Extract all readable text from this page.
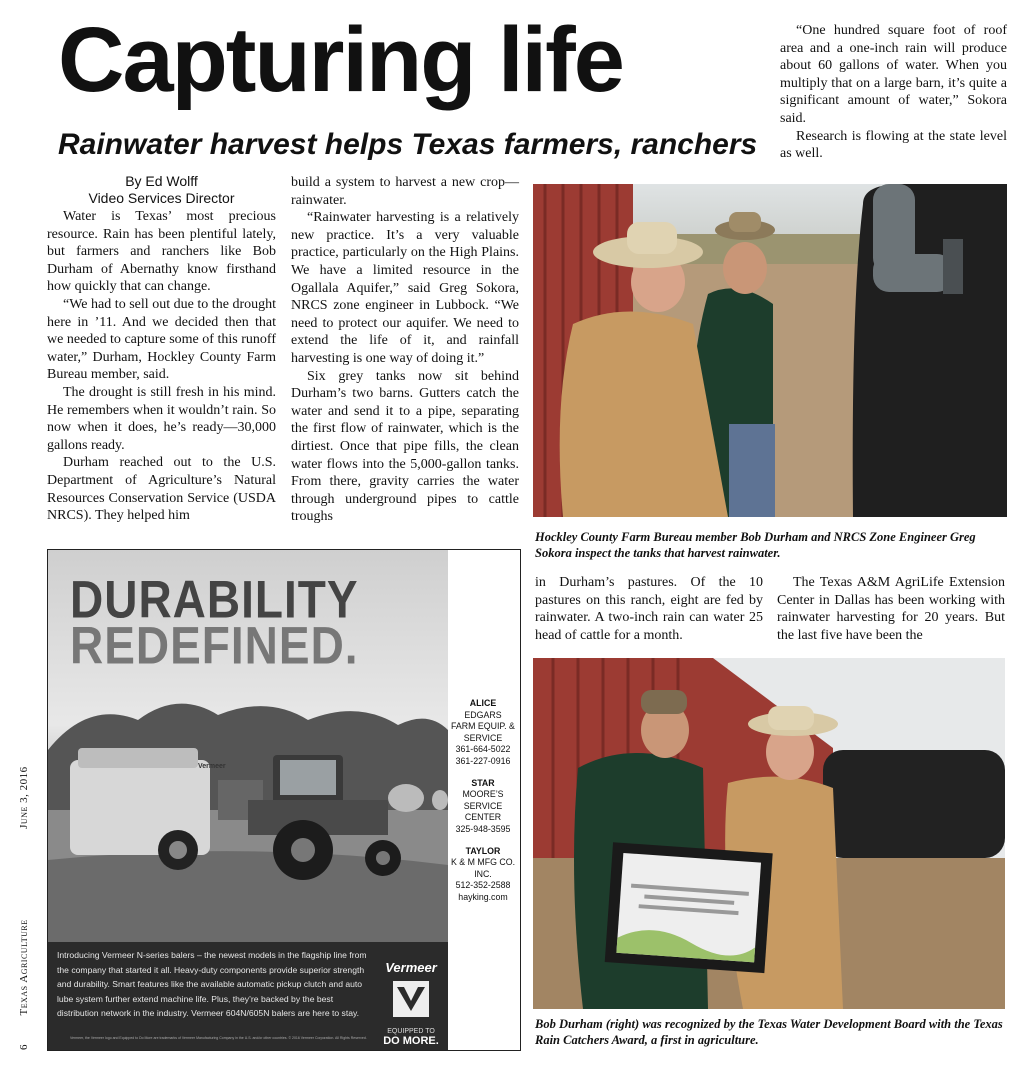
Capturing life
Rainwater harvest helps Texas farmers, ranchers
By Ed Wolff
Video Services Director

Water is Texas’ most precious resource. Rain has been plentiful lately, but farmers and ranchers like Bob Durham of Abernathy know firsthand how quickly that can change.

“We had to sell out due to the drought here in ’11. And we decided then that we needed to capture some of this runoff water,” Durham, Hockley County Farm Bureau member, said.

The drought is still fresh in his mind. He remembers when it wouldn’t rain. So now when it does, he’s ready—30,000 gallons ready.

Durham reached out to the U.S. Department of Agriculture’s Natural Resources Conservation Service (USDA NRCS). They helped him

build a system to harvest a new crop—rainwater.

“Rainwater harvesting is a relatively new practice. It’s a very valuable practice, particularly on the High Plains. We have a limited resource in the Ogallala Aquifer,” said Greg Sokora, NRCS zone engineer in Lubbock. “We need to protect our aquifer. We need to extend the life of it, and rainfall harvesting is one way of doing it.”

Six grey tanks now sit behind Durham’s two barns. Gutters catch the water and send it to a pipe, separating the first flow of rainwater, which is the dirtiest. Once that pipe fills, the clean water flows into the 5,000-gallon tanks. From there, gravity carries the water through underground pipes to cattle troughs

“One hundred square foot of roof area and a one-inch rain will produce about 60 gallons of water. When you multiply that on a large barn, it’s quite a significant amount of water,” Sokora said.

Research is flowing at the state level as well.

Hockley County Farm Bureau member Bob Durham and NRCS Zone Engineer Greg Sokora inspect the tanks that harvest rainwater.

in Durham’s pastures. Of the 10 pastures on this ranch, eight are fed by rainwater. A two-inch rain can water 25 head of cattle for a month.

The Texas A&M AgriLife Extension Center in Dallas has been working with rainwater harvesting for 20 years. But the last five have been the

Bob Durham (right) was recognized by the Texas Water Development Board with the Texas Rain Catchers Award, a first in agriculture.
DURABILITY
REDEFINED.
Vermeer
Introducing Vermeer N-series balers – the newest models in the flagship line from the company that started it all. Heavy-duty components provide superior strength and durability. Smart features like the available automatic pickup clutch and auto lube system further extend machine life. Plus, they’re backed by the best distribution network in the industry. Vermeer 604N/605N balers are here to stay.
Vermeer, the Vermeer logo and Equipped to Do More are trademarks of Vermeer Manufacturing Company in the U.S. and/or other countries. © 2016 Vermeer Corporation. All Rights Reserved.
Vermeer
EQUIPPED TO
DO MORE.
ALICE
EDGARS
FARM EQUIP. &
SERVICE
361-664-5022
361-227-0916
STAR
MOORE’S
SERVICE
CENTER
325-948-3595
TAYLOR
K & M MFG CO.
INC.
512-352-2588
hayking.com
6  Texas Agriculture  June 3, 2016
